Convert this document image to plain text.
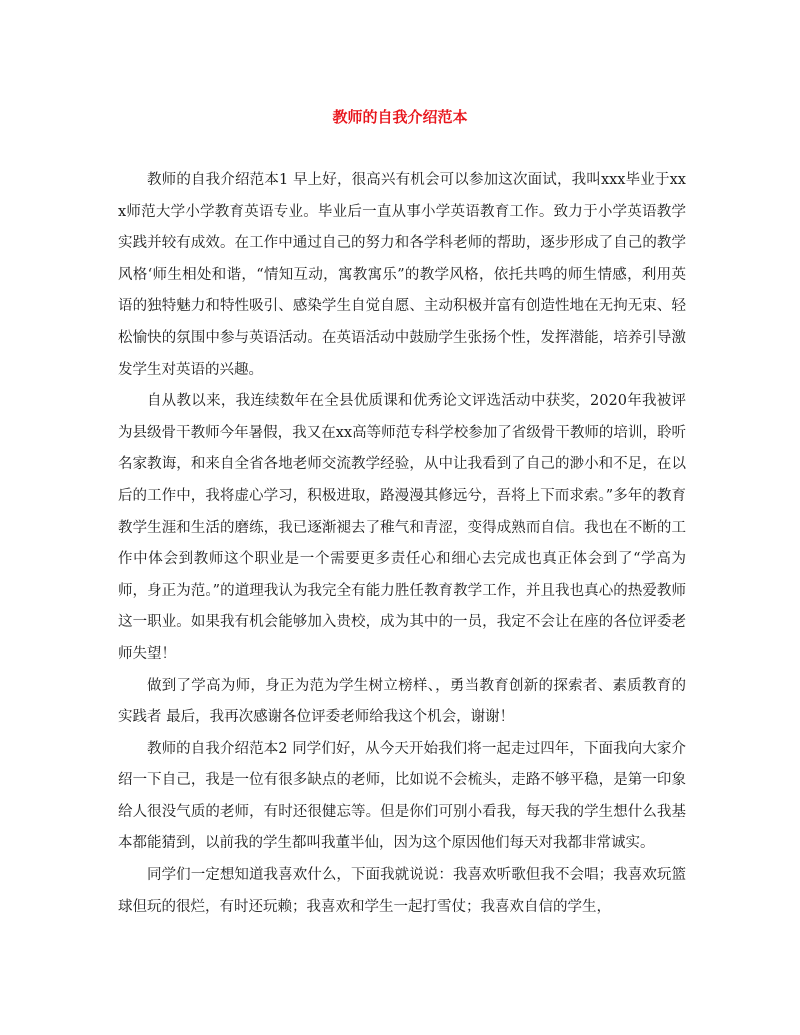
教师的自我介绍范本

教师的自我介绍范本1 早上好，很高兴有机会可以参加这次面试，我叫xxx毕业于xxx师范大学小学教育英语专业。毕业后一直从事小学英语教育工作。致力于小学英语教学实践并较有成效。在工作中通过自己的努力和各学科老师的帮助，逐步形成了自己的教学风格‘师生相处和谐，“情知互动，寓教寓乐”的教学风格，依托共鸣的师生情感，利用英语的独特魅力和特性吸引、感染学生自觉自愿、主动积极并富有创造性地在无拘无束、轻松愉快的氛围中参与英语活动。在英语活动中鼓励学生张扬个性，发挥潜能，培养引导激发学生对英语的兴趣。

自从教以来，我连续数年在全县优质课和优秀论文评选活动中获奖，2020年我被评为县级骨干教师今年暑假，我又在xx高等师范专科学校参加了省级骨干教师的培训，聆听名家教诲，和来自全省各地老师交流教学经验，从中让我看到了自己的渺小和不足，在以后的工作中，我将虚心学习，积极进取，路漫漫其修远兮，吾将上下而求索。”多年的教育教学生涯和生活的磨练，我已逐渐褪去了稚气和青涩，变得成熟而自信。我也在不断的工作中体会到教师这个职业是一个需要更多责任心和细心去完成也真正体会到了“学高为师，身正为范。”的道理我认为我完全有能力胜任教育教学工作，并且我也真心的热爱教师这一职业。如果我有机会能够加入贵校，成为其中的一员，我定不会让在座的各位评委老师失望！

做到了学高为师，身正为范为学生树立榜样、，勇当教育创新的探索者、素质教育的实践者 最后，我再次感谢各位评委老师给我这个机会，谢谢！

教师的自我介绍范本2 同学们好，从今天开始我们将一起走过四年，下面我向大家介绍一下自己，我是一位有很多缺点的老师，比如说不会梳头，走路不够平稳，是第一印象给人很没气质的老师，有时还很健忘等。但是你们可别小看我，每天我的学生想什么我基本都能猜到，以前我的学生都叫我董半仙，因为这个原因他们每天对我都非常诚实。

同学们一定想知道我喜欢什么，下面我就说说：我喜欢听歌但我不会唱；我喜欢玩篮球但玩的很烂，有时还玩赖；我喜欢和学生一起打雪仗；我喜欢自信的学生，
